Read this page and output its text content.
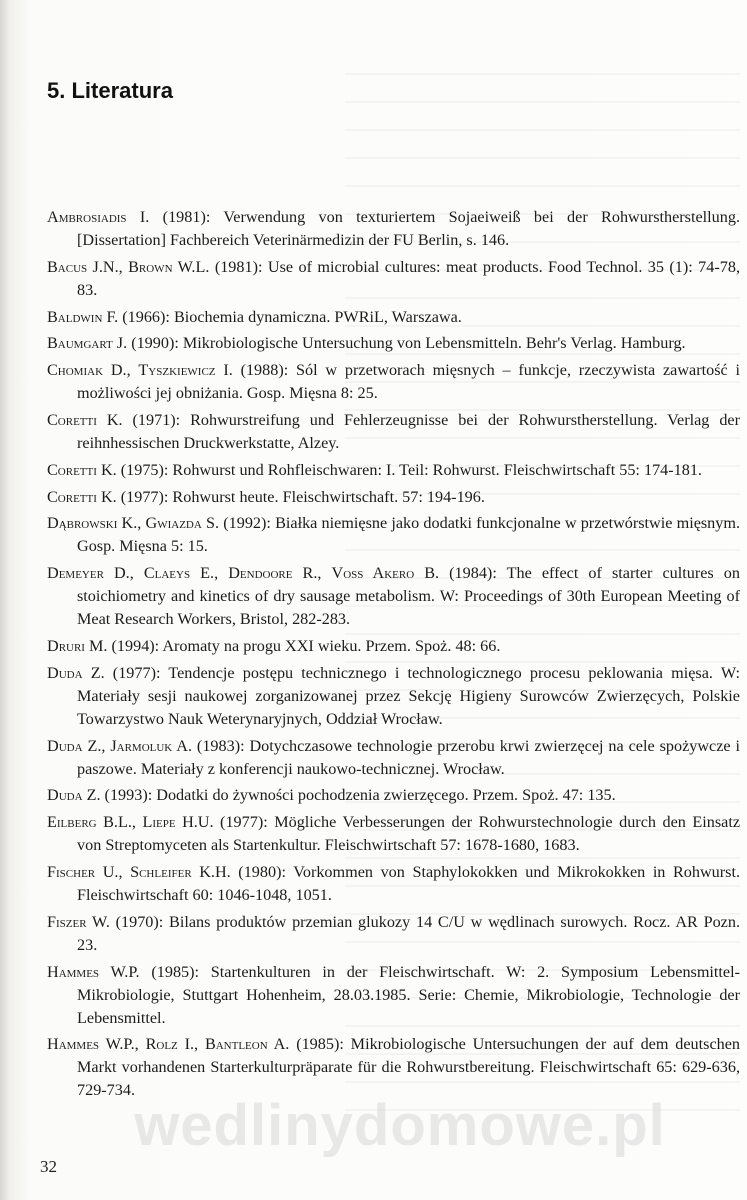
5. Literatura
Ambrosiadis I. (1981): Verwendung von texturiertem Sojaeiweiß bei der Rohwurstherstellung. [Dissertation] Fachbereich Veterinärmedizin der FU Berlin, s. 146.
Bacus J.N., Brown W.L. (1981): Use of microbial cultures: meat products. Food Technol. 35 (1): 74-78, 83.
Baldwin F. (1966): Biochemia dynamiczna. PWRiL, Warszawa.
Baumgart J. (1990): Mikrobiologische Untersuchung von Lebensmitteln. Behr's Verlag. Hamburg.
Chomiak D., Tyszkiewicz I. (1988): Sól w przetworach mięsnych – funkcje, rzeczywista zawartość i możliwości jej obniżania. Gosp. Mięsna 8: 25.
Coretti K. (1971): Rohwurstreifung und Fehlerzeugnisse bei der Rohwurstherstellung. Verlag der reihnhessischen Druckwerkstatte, Alzey.
Coretti K. (1975): Rohwurst und Rohfleischwaren: I. Teil: Rohwurst. Fleischwirtschaft 55: 174-181.
Coretti K. (1977): Rohwurst heute. Fleischwirtschaft. 57: 194-196.
Dąbrowski K., Gwiazda S. (1992): Białka niemięsne jako dodatki funkcjonalne w przetwórstwie mięsnym. Gosp. Mięsna 5: 15.
Demeyer D., Claeys E., Dendoore R., Voss Akero B. (1984): The effect of starter cultures on stoichiometry and kinetics of dry sausage metabolism. W: Proceedings of 30th European Meeting of Meat Research Workers, Bristol, 282-283.
Druri M. (1994): Aromaty na progu XXI wieku. Przem. Spoż. 48: 66.
Duda Z. (1977): Tendencje postępu technicznego i technologicznego procesu peklowania mięsa. W: Materiały sesji naukowej zorganizowanej przez Sekcję Higieny Surowców Zwierzęcych, Polskie Towarzystwo Nauk Weterynaryjnych, Oddział Wrocław.
Duda Z., Jarmoluk A. (1983): Dotychczasowe technologie przerobu krwi zwierzęcej na cele spożywcze i paszowe. Materiały z konferencji naukowo-technicznej. Wrocław.
Duda Z. (1993): Dodatki do żywności pochodzenia zwierzęcego. Przem. Spoż. 47: 135.
Eilberg B.L., Liepe H.U. (1977): Mögliche Verbesserungen der Rohwurstechnologie durch den Einsatz von Streptomyceten als Startenkultur. Fleischwirtschaft 57: 1678-1680, 1683.
Fischer U., Schleifer K.H. (1980): Vorkommen von Staphylokokken und Mikrokokken in Rohwurst. Fleischwirtschaft 60: 1046-1048, 1051.
Fiszer W. (1970): Bilans produktów przemian glukozy 14 C/U w wędlinach surowych. Rocz. AR Pozn. 23.
Hammes W.P. (1985): Startenkulturen in der Fleischwirtschaft. W: 2. Symposium Lebensmittel-Mikrobiologie, Stuttgart Hohenheim, 28.03.1985. Serie: Chemie, Mikrobiologie, Technologie der Lebensmittel.
Hammes W.P., Rolz I., Bantleon A. (1985): Mikrobiologische Untersuchungen der auf dem deutschen Markt vorhandenen Starterkulturpräparate für die Rohwurstbereitung. Fleischwirtschaft 65: 629-636, 729-734.
wedlinydomowe.pl
32
